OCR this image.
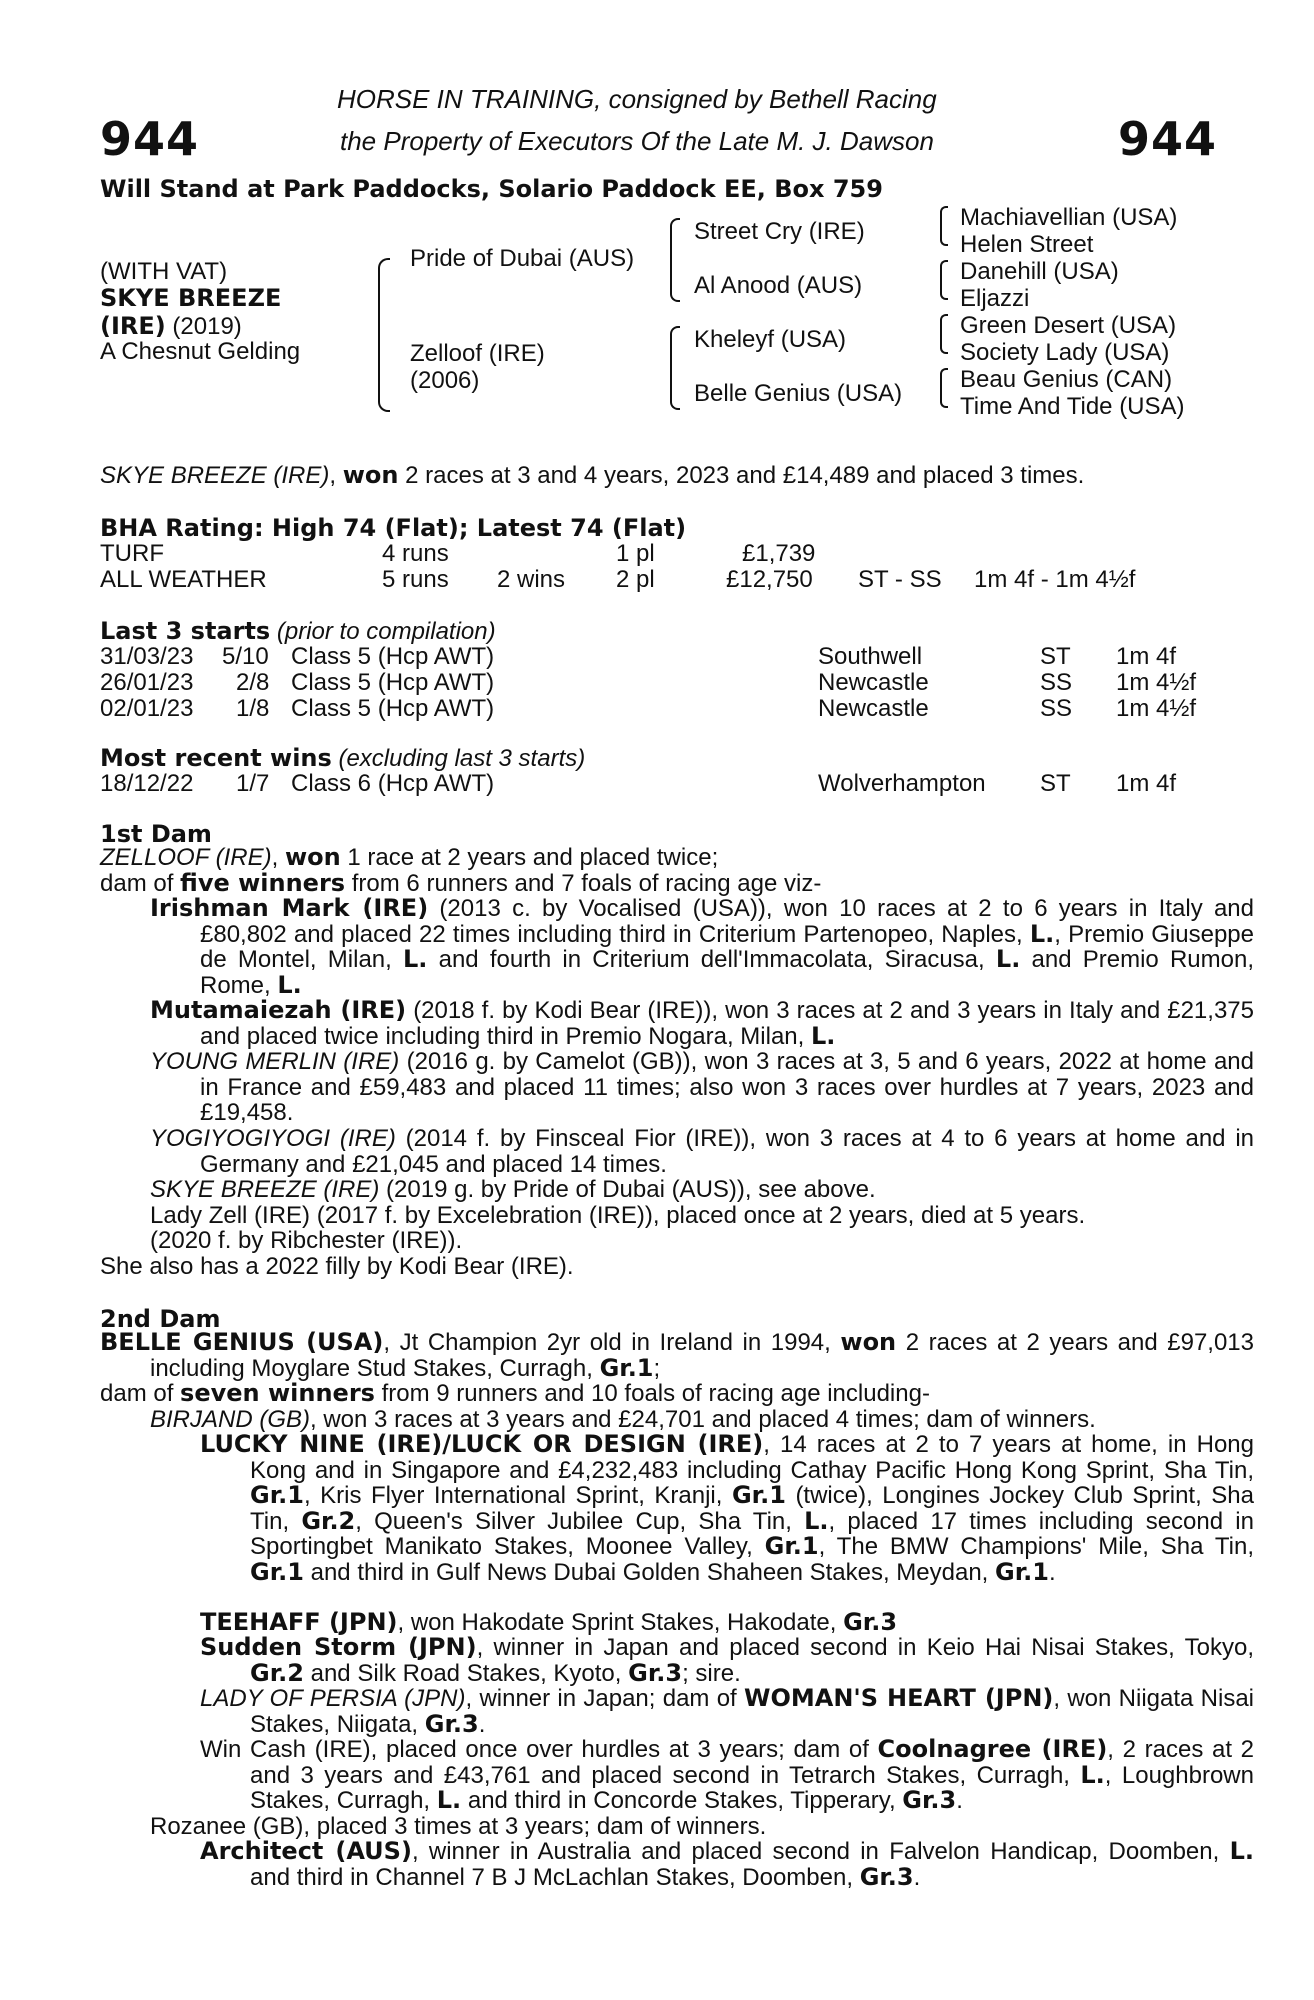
944	944
HORSE IN TRAINING, consigned by Bethell Racing
the Property of Executors Of the Late M. J. Dawson
Will Stand at Park Paddocks, Solario Paddock EE, Box 759
(WITH VAT)
SKYE BREEZE
(IRE) (2019)
A Chesnut Gelding
Pride of Dubai (AUS)
Zelloof (IRE)
(2006)
Street Cry (IRE)
Al Anood (AUS)
Kheleyf (USA)
Belle Genius (USA)
Machiavellian (USA)
Helen Street
Danehill (USA)
Eljazzi
Green Desert (USA)
Society Lady (USA)
Beau Genius (CAN)
Time And Tide (USA)
SKYE BREEZE (IRE), won 2 races at 3 and 4 years, 2023 and £14,489 and placed 3 times.
BHA Rating: High 74 (Flat); Latest 74 (Flat)
TURF	4 runs	1 pl	£1,739
ALL WEATHER	5 runs 2 wins 2 pl	£12,750 ST - SS 1m 4f - 1m 4½f
Last 3 starts (prior to compilation)
31/03/23 5/10 Class 5 (Hcp AWT)	Southwell	ST 1m 4f
26/01/23 2/8 Class 5 (Hcp AWT)	Newcastle	SS 1m 4½f
02/01/23 1/8 Class 5 (Hcp AWT)	Newcastle	SS 1m 4½f
Most recent wins (excluding last 3 starts)
18/12/22 1/7 Class 6 (Hcp AWT)	Wolverhampton ST 1m 4f
1st Dam
ZELLOOF (IRE), won 1 race at 2 years and placed twice;
dam of five winners from 6 runners and 7 foals of racing age viz-
Irishman Mark (IRE) (2013 c. by Vocalised (USA)), won 10 races at 2 to 6 years in Italy and £80,802 and placed 22 times including third in Criterium Partenopeo, Naples, L., Premio Giuseppe de Montel, Milan, L. and fourth in Criterium dell'Immacolata, Siracusa, L. and Premio Rumon, Rome, L.
Mutamaiezah (IRE) (2018 f. by Kodi Bear (IRE)), won 3 races at 2 and 3 years in Italy and £21,375 and placed twice including third in Premio Nogara, Milan, L.
YOUNG MERLIN (IRE) (2016 g. by Camelot (GB)), won 3 races at 3, 5 and 6 years, 2022 at home and in France and £59,483 and placed 11 times; also won 3 races over hurdles at 7 years, 2023 and £19,458.
YOGIYOGIYOGI (IRE) (2014 f. by Finsceal Fior (IRE)), won 3 races at 4 to 6 years at home and in Germany and £21,045 and placed 14 times.
SKYE BREEZE (IRE) (2019 g. by Pride of Dubai (AUS)), see above.
Lady Zell (IRE) (2017 f. by Excelebration (IRE)), placed once at 2 years, died at 5 years.
(2020 f. by Ribchester (IRE)).
She also has a 2022 filly by Kodi Bear (IRE).
2nd Dam
BELLE GENIUS (USA), Jt Champion 2yr old in Ireland in 1994, won 2 races at 2 years and £97,013 including Moyglare Stud Stakes, Curragh, Gr.1;
dam of seven winners from 9 runners and 10 foals of racing age including-
BIRJAND (GB), won 3 races at 3 years and £24,701 and placed 4 times; dam of winners.
LUCKY NINE (IRE)/LUCK OR DESIGN (IRE), 14 races at 2 to 7 years at home, in Hong Kong and in Singapore and £4,232,483 including Cathay Pacific Hong Kong Sprint, Sha Tin, Gr.1, Kris Flyer International Sprint, Kranji, Gr.1 (twice), Longines Jockey Club Sprint, Sha Tin, Gr.2, Queen's Silver Jubilee Cup, Sha Tin, L., placed 17 times including second in Sportingbet Manikato Stakes, Moonee Valley, Gr.1, The BMW Champions' Mile, Sha Tin, Gr.1 and third in Gulf News Dubai Golden Shaheen Stakes, Meydan, Gr.1.
TEEHAFF (JPN), won Hakodate Sprint Stakes, Hakodate, Gr.3
Sudden Storm (JPN), winner in Japan and placed second in Keio Hai Nisai Stakes, Tokyo, Gr.2 and Silk Road Stakes, Kyoto, Gr.3; sire.
LADY OF PERSIA (JPN), winner in Japan; dam of WOMAN'S HEART (JPN), won Niigata Nisai Stakes, Niigata, Gr.3.
Win Cash (IRE), placed once over hurdles at 3 years; dam of Coolnagree (IRE), 2 races at 2 and 3 years and £43,761 and placed second in Tetrarch Stakes, Curragh, L., Loughbrown Stakes, Curragh, L. and third in Concorde Stakes, Tipperary, Gr.3.
Rozanee (GB), placed 3 times at 3 years; dam of winners.
Architect (AUS), winner in Australia and placed second in Falvelon Handicap, Doomben, L. and third in Channel 7 B J McLachlan Stakes, Doomben, Gr.3.
